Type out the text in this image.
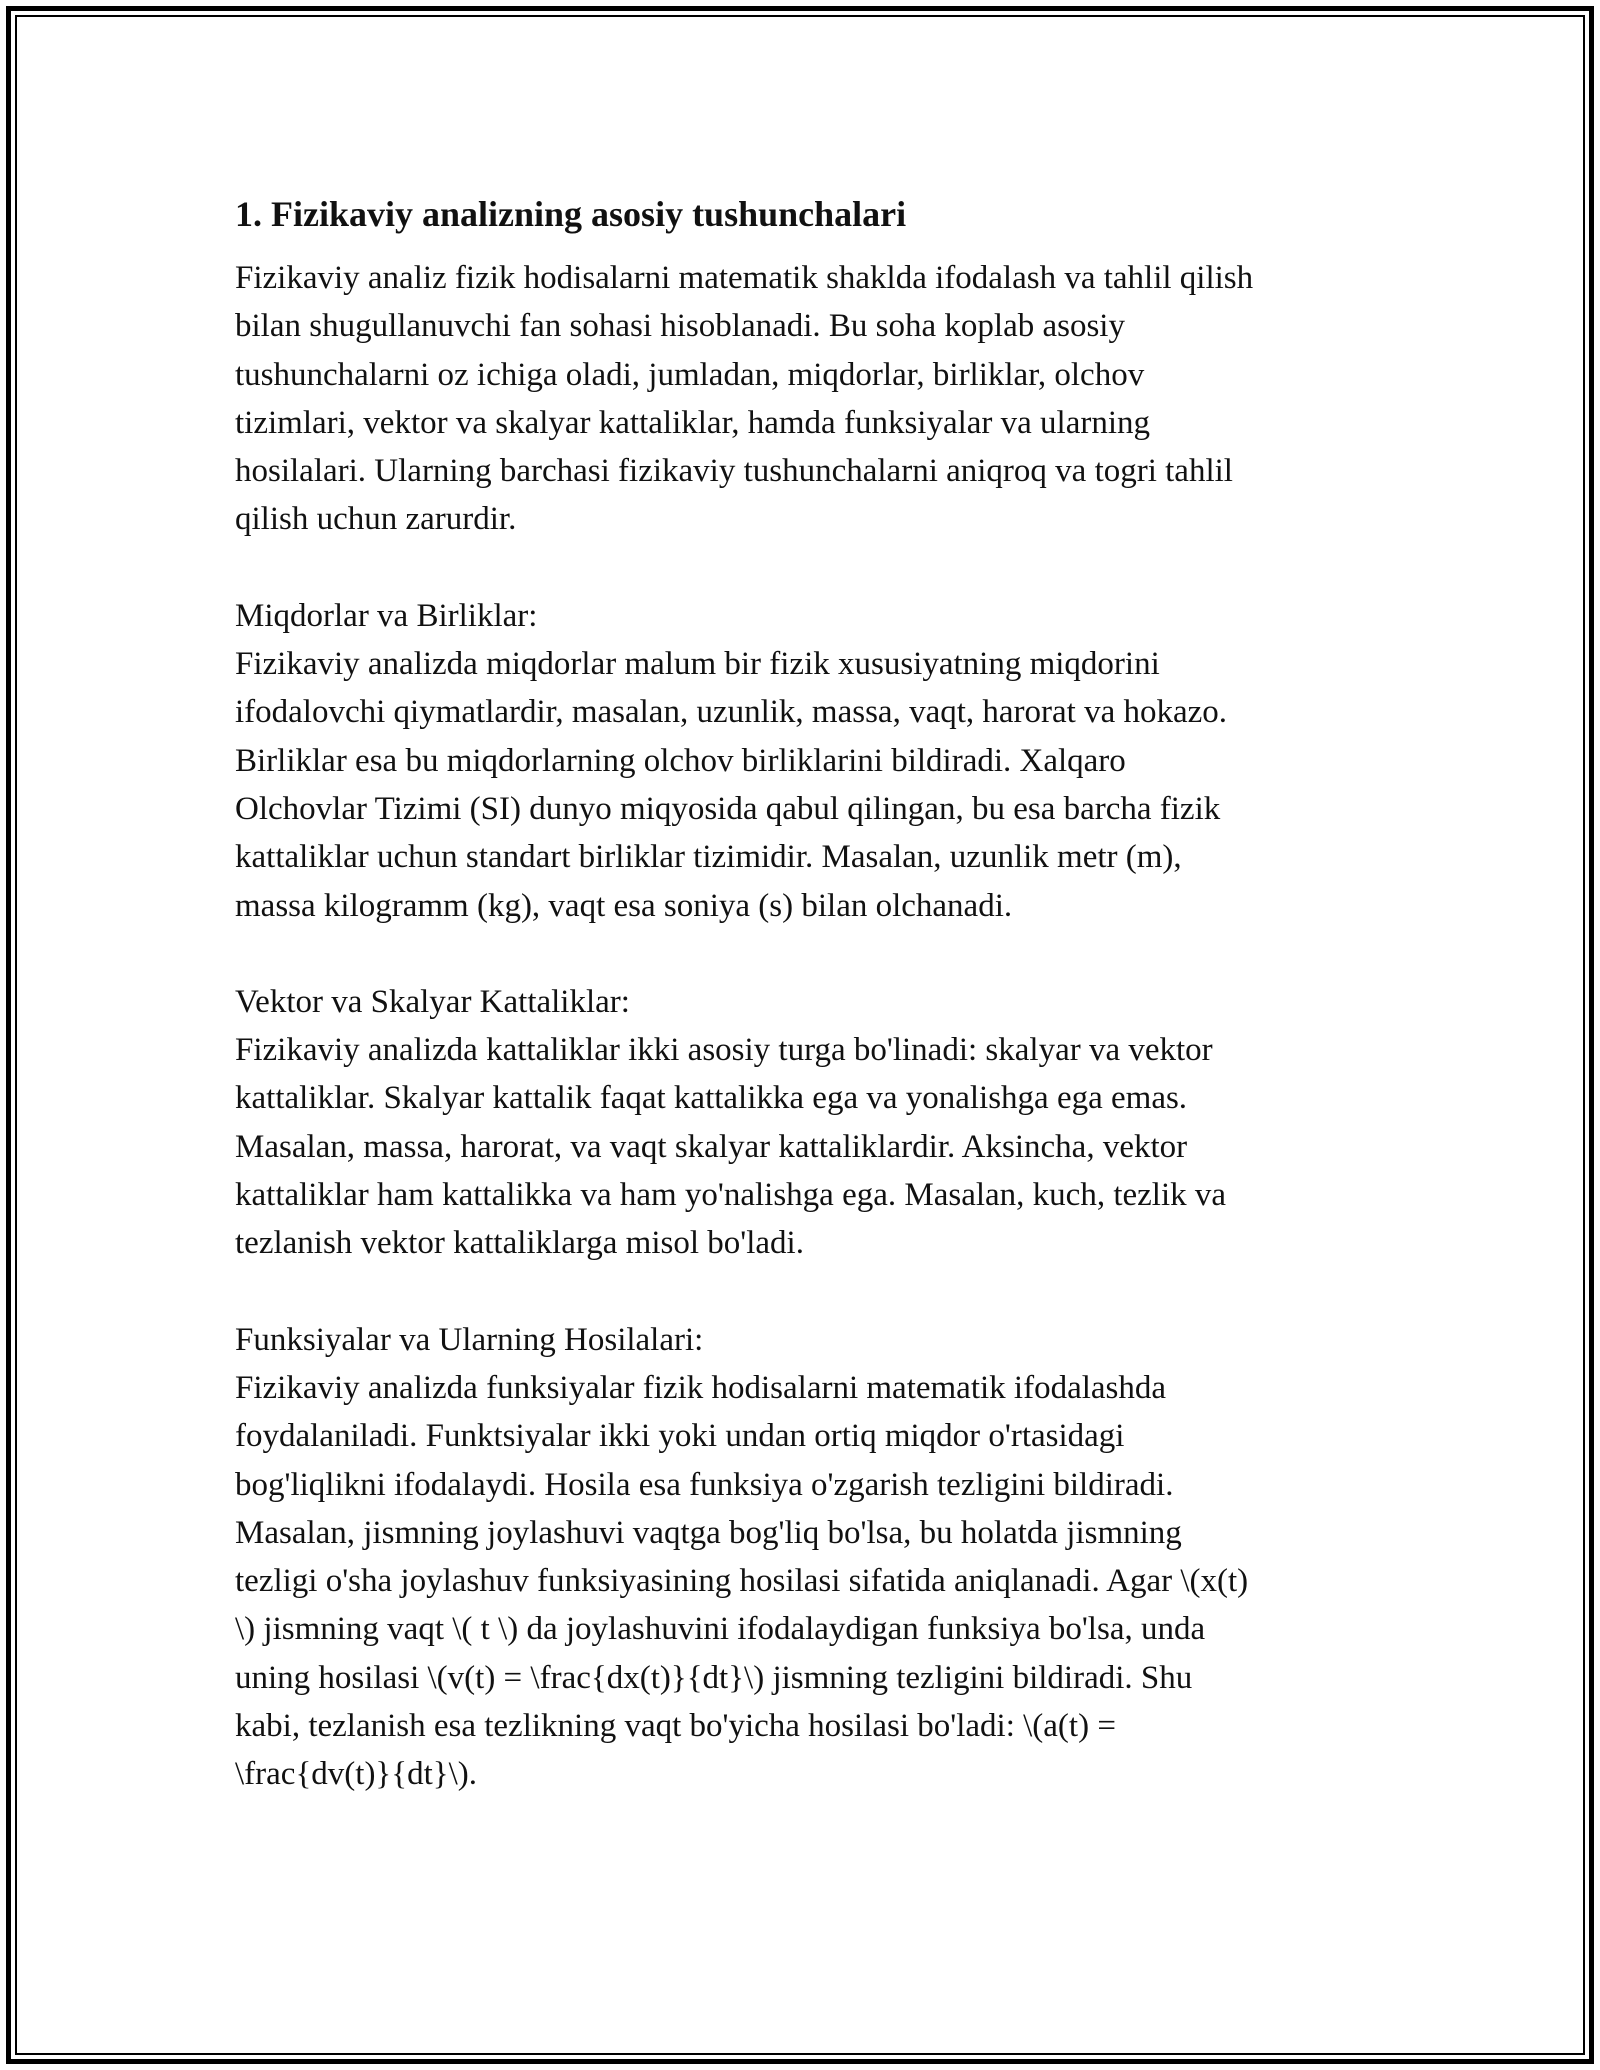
1. Fizikaviy analizning asosiy tushunchalari

Fizikaviy analiz fizik hodisalarni matematik shaklda ifodalash va tahlil qilish
bilan shugullanuvchi fan sohasi hisoblanadi. Bu soha koplab asosiy
tushunchalarni oz ichiga oladi, jumladan, miqdorlar, birliklar, olchov
tizimlari, vektor va skalyar kattaliklar, hamda funksiyalar va ularning
hosilalari. Ularning barchasi fizikaviy tushunchalarni aniqroq va togri tahlil
qilish uchun zarurdir.

Miqdorlar va Birliklar:

Fizikaviy analizda miqdorlar malum bir fizik xususiyatning miqdorini
ifodalovchi qiymatlardir, masalan, uzunlik, massa, vaqt, harorat va hokazo.
Birliklar esa bu miqdorlarning olchov birliklarini bildiradi. Xalqaro
Olchovlar Tizimi (SI) dunyo miqyosida qabul qilingan, bu esa barcha fizik
kattaliklar uchun standart birliklar tizimidir. Masalan, uzunlik metr (m),
massa kilogramm (kg), vaqt esa soniya (s) bilan olchanadi.

Vektor va Skalyar Kattaliklar:

Fizikaviy analizda kattaliklar ikki asosiy turga bo'linadi: skalyar va vektor
kattaliklar. Skalyar kattalik faqat kattalikka ega va yonalishga ega emas.
Masalan, massa, harorat, va vaqt skalyar kattaliklardir. Aksincha, vektor
kattaliklar ham kattalikka va ham yo'nalishga ega. Masalan, kuch, tezlik va
tezlanish vektor kattaliklarga misol bo'ladi.

Funksiyalar va Ularning Hosilalari:

Fizikaviy analizda funksiyalar fizik hodisalarni matematik ifodalashda
foydalaniladi. Funktsiyalar ikki yoki undan ortiq miqdor o'rtasidagi
bog'liqlikni ifodalaydi. Hosila esa funksiya o'zgarish tezligini bildiradi.
Masalan, jismning joylashuvi vaqtga bog'liq bo'lsa, bu holatda jismning
tezligi o'sha joylashuv funksiyasining hosilasi sifatida aniqlanadi. Agar \(x(t)
\) jismning vaqt \( t \) da joylashuvini ifodalaydigan funksiya bo'lsa, unda
uning hosilasi \(v(t) = \frac{dx(t)}{dt}\) jismning tezligini bildiradi. Shu
kabi, tezlanish esa tezlikning vaqt bo'yicha hosilasi bo'ladi: \(a(t) =
\frac{dv(t)}{dt}\).
